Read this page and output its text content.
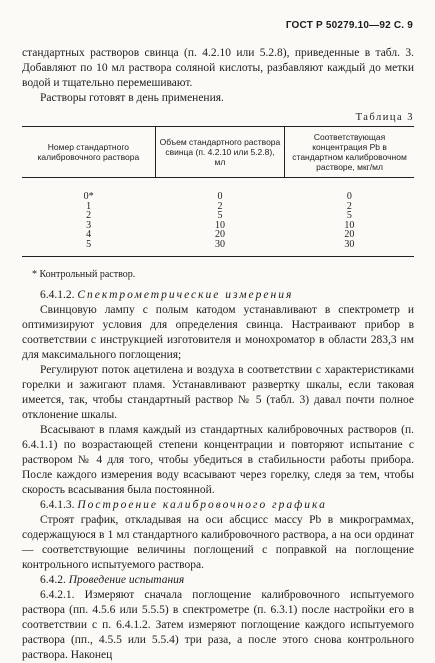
ГОСТ Р 50279.10—92 С. 9

стандартных растворов свинца (п. 4.2.10 или 5.2.8), приведенные в табл. 3. Добавляют по 10 мл раствора соляной кислоты, разбавляют каждый до метки водой и тщательно перемешивают.

Растворы готовят в день применения.

Таблица 3
Номер стандартного калибровочного раствора	Объем стандартного раствора свинца (п. 4.2.10 или 5.2.8), мл	Соответствующая концентрация Pb в стандартном калибровочном растворе, мкг/мл
0*	0	0
1	2	2
2	5	5
3	10	10
4	20	20
5	30	30

* Контрольный раствор.

6.4.1.2. Спектрометрические измерения

Свинцовую лампу с полым катодом устанавливают в спектрометр и оптимизируют условия для определения свинца. Настраивают прибор в соответствии с инструкцией изготовителя и монохроматор в области 283,3 нм для максимального поглощения;

Регулируют поток ацетилена и воздуха в соответствии с характеристиками горелки и зажигают пламя. Устанавливают развертку шкалы, если таковая имеется, так, чтобы стандартный раствор № 5 (табл. 3) давал почти полное отклонение шкалы.

Всасывают в пламя каждый из стандартных калибровочных растворов (п. 6.4.1.1) по возрастающей степени концентрации и повторяют испытание с раствором № 4 для того, чтобы убедиться в стабильности работы прибора. После каждого измерения воду всасывают через горелку, следя за тем, чтобы скорость всасывания была постоянной.

6.4.1.3. Построение калибровочного графика

Строят график, откладывая на оси абсцисс массу Pb в микрограммах, содержащуюся в 1 мл стандартного калибровочного раствора, а на оси ординат — соответствующие величины поглощений с поправкой на поглощение контрольного испытуемого раствора.

6.4.2. Проведение испытания

6.4.2.1. Измеряют сначала поглощение калибровочного испытуемого раствора (пп. 4.5.6 или 5.5.5) в спектрометре (п. 6.3.1) после настройки его в соответствии с п. 6.4.1.2. Затем измеряют поглощение каждого испытуемого раствора (пп., 4.5.5 или 5.5.4) три раза, а после этого снова контрольного раствора. Наконец
